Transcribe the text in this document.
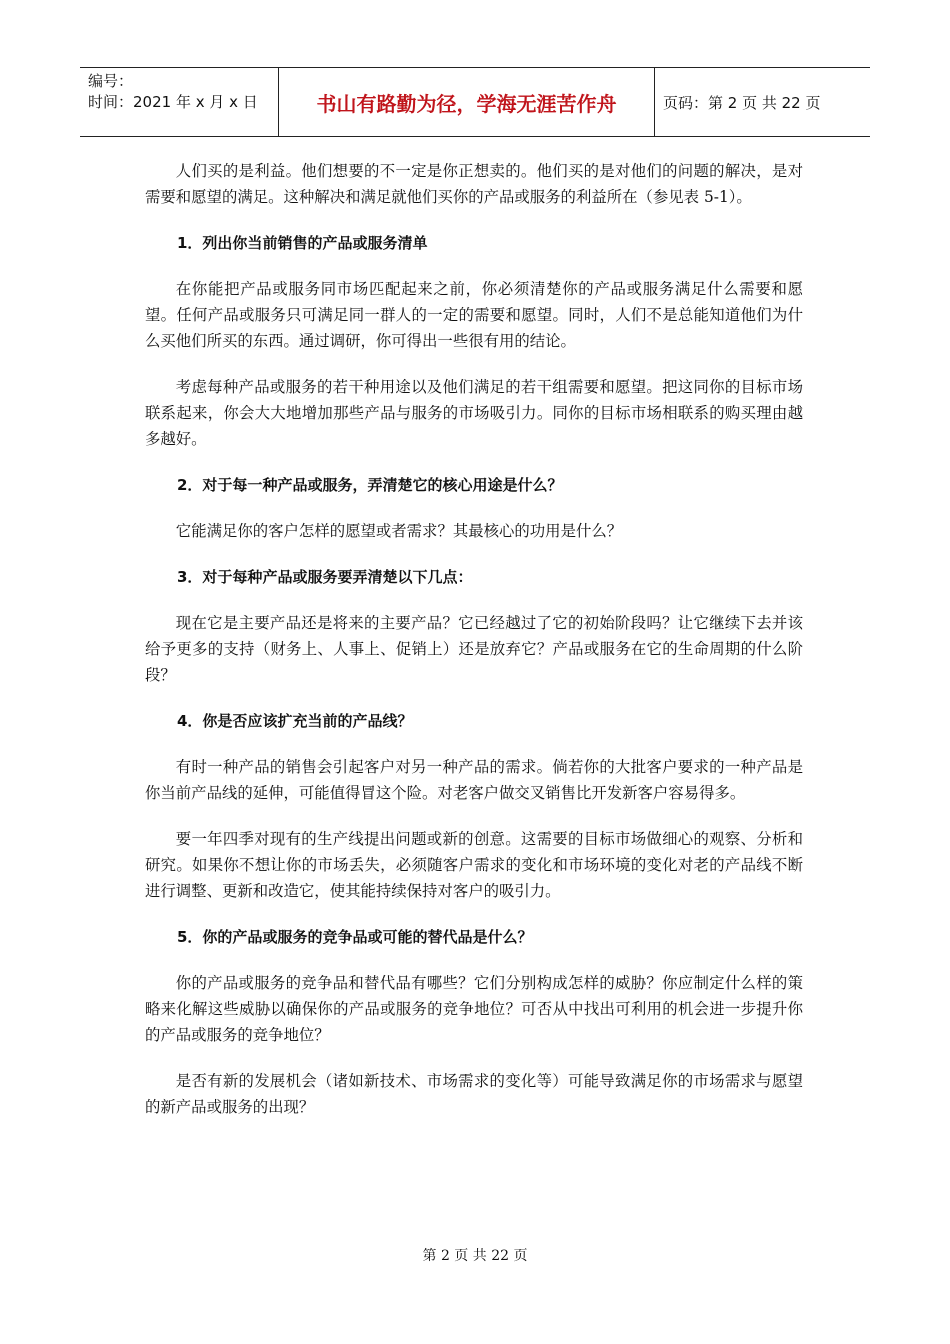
编号：
时间：2021 年 x 月 x 日	书山有路勤为径，学海无涯苦作舟	页码：第 2 页 共 22 页

人们买的是利益。他们想要的不一定是你正想卖的。他们买的是对他们的问题的解决，是对需要和愿望的满足。这种解决和满足就他们买你的产品或服务的利益所在（参见表 5-1）。

1．列出你当前销售的产品或服务清单

在你能把产品或服务同市场匹配起来之前，你必须清楚你的产品或服务满足什么需要和愿望。任何产品或服务只可满足同一群人的一定的需要和愿望。同时，人们不是总能知道他们为什么买他们所买的东西。通过调研，你可得出一些很有用的结论。

考虑每种产品或服务的若干种用途以及他们满足的若干组需要和愿望。把这同你的目标市场联系起来，你会大大地增加那些产品与服务的市场吸引力。同你的目标市场相联系的购买理由越多越好。

2．对于每一种产品或服务，弄清楚它的核心用途是什么？

它能满足你的客户怎样的愿望或者需求？其最核心的功用是什么？

3．对于每种产品或服务要弄清楚以下几点：

现在它是主要产品还是将来的主要产品？它已经越过了它的初始阶段吗？让它继续下去并该给予更多的支持（财务上、人事上、促销上）还是放弃它？产品或服务在它的生命周期的什么阶段？

4．你是否应该扩充当前的产品线？

有时一种产品的销售会引起客户对另一种产品的需求。倘若你的大批客户要求的一种产品是你当前产品线的延伸，可能值得冒这个险。对老客户做交叉销售比开发新客户容易得多。

要一年四季对现有的生产线提出问题或新的创意。这需要的目标市场做细心的观察、分析和研究。如果你不想让你的市场丢失，必须随客户需求的变化和市场环境的变化对老的产品线不断进行调整、更新和改造它，使其能持续保持对客户的吸引力。

5．你的产品或服务的竞争品或可能的替代品是什么？

你的产品或服务的竞争品和替代品有哪些？它们分别构成怎样的威胁？你应制定什么样的策略来化解这些威胁以确保你的产品或服务的竞争地位？可否从中找出可利用的机会进一步提升你的产品或服务的竞争地位？

是否有新的发展机会（诸如新技术、市场需求的变化等）可能导致满足你的市场需求与愿望的新产品或服务的出现？

第 2 页 共 22 页
